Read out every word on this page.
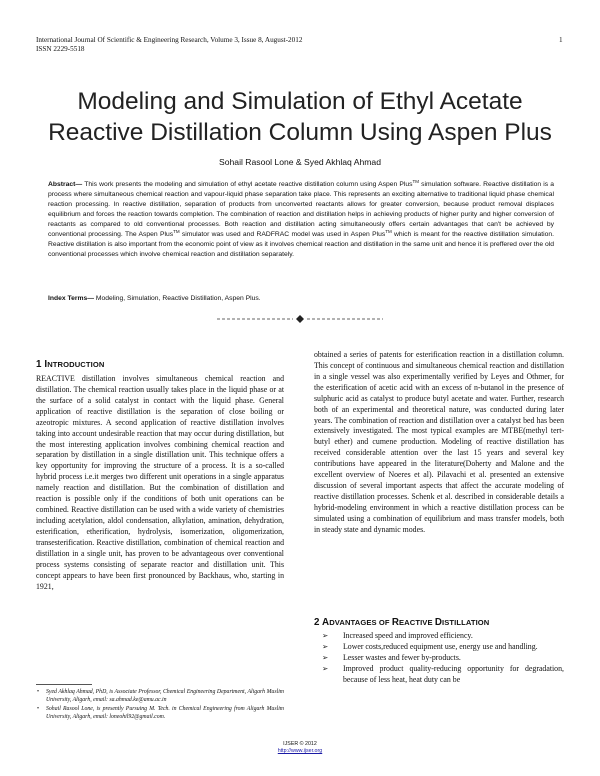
International Journal Of Scientific & Engineering Research, Volume 3, Issue 8, August-2012
ISSN 2229-5518
1
Modeling and Simulation of Ethyl Acetate Reactive Distillation Column Using Aspen Plus
Sohail Rasool Lone & Syed Akhlaq Ahmad

Abstract— This work presents the modeling and simulation of ethyl acetate reactive distillation column using Aspen Plus™ simulation software. Reactive distillation is a process where simultaneous chemical reaction and vapour-liquid phase separation take place. This represents an exciting alternative to traditional liquid phase chemical reaction processing. In reactive distillation, separation of products from unconverted reactants allows for greater conversion, because product removal displaces equilibrium and forces the reaction towards completion. The combination of reaction and distillation helps in achieving products of higher purity and higher conversion of reactants as compared to old conventional processes. Both reaction and distillation acting simultaneously offers certain advantages that can't be achieved by conventional processing. The Aspen Plus™ simulator was used and RADFRAC model was used in Aspen Plus™ which is meant for the reactive distillation simulation. Reactive distillation is also important from the economic point of view as it involves chemical reaction and distillation in the same unit and hence it is preffered over the old conventional processes which involve chemical reaction and distillation separately.

Index Terms— Modeling, Simulation, Reactive Distillation, Aspen Plus.

1 INTRODUCTION

REACTIVE distillation involves simultaneous chemical reaction and distillation. The chemical reaction usually takes place in the liquid phase or at the surface of a solid catalyst in contact with the liquid phase. General application of reactive distillation is the separation of close boiling or azeotropic mixtures. A second application of reactive distillation involves taking into account undesirable reaction that may occur during distillation, but the most interesting application involves combining chemical reaction and separation by distillation in a single distillation unit. This technique offers a key opportunity for improving the structure of a process. It is a so-called hybrid process i.e.it merges two different unit operations in a single apparatus namely reaction and distillation. But the combination of distillation and reaction is possible only if the conditions of both unit operations can be combined. Reactive distillation can be used with a wide variety of chemistries including acetylation, aldol condensation, alkylation, amination, dehydration, esterification, etherification, hydrolysis, isomerization, oligomerization, transesterification. Reactive distillation, combination of chemical reaction and distillation in a single unit, has proven to be advantageous over conventional process systems consisting of separate reactor and distillation unit. This concept appears to have been first pronounced by Backhaus, who, starting in 1921,

• Syed Akhlaq Ahmad, PhD, is Associate Professor, Chemical Engineering Department, Aligarh Muslim University, Aligarh, email: sa.ahmad.ke@amu.ac.in
• Sohail Rasool Lone, is presently Pursuing M. Tech. in Chemical Engineering from Aligarh Muslim University, Aligarh, email: loneohil92@gmail.com.

obtained a series of patents for esterification reaction in a distillation column. This concept of continuous and simultaneous chemical reaction and distillation in a single vessel was also experimentally verified by Leyes and Othmer, for the esterification of acetic acid with an excess of n-butanol in the presence of sulphuric acid as catalyst to produce butyl acetate and water. Further, research both of an experimental and theoretical nature, was conducted during later years. The combination of reaction and distillation over a catalyst bed has been extensively investigated. The most typical examples are MTBE(methyl tert-butyl ether) and cumene production. Modeling of reactive distillation has received considerable attention over the last 15 years and several key contributions have appeared in the literature(Doherty and Malone and the excellent overview of Noeres et al). Pilavachi et al. presented an extensive discussion of several important aspects that affect the accurate modeling of reactive distillation processes. Schenk et al. described in considerable details a hybrid-modeling environment in which a reactive distillation process can be simulated using a combination of equilibrium and mass transfer models, both in steady state and dynamic modes.

2 ADVANTAGES OF REACTIVE DISTILLATION
➢ Increased speed and improved efficiency.
➢ Lower costs,reduced equipment use, energy use and handling.
➢ Lesser wastes and fewer by-products.
➢ Improved product quality-reducing opportunity for degradation, because of less heat, heat duty can be
IJSER © 2012
http://www.ijser.org
